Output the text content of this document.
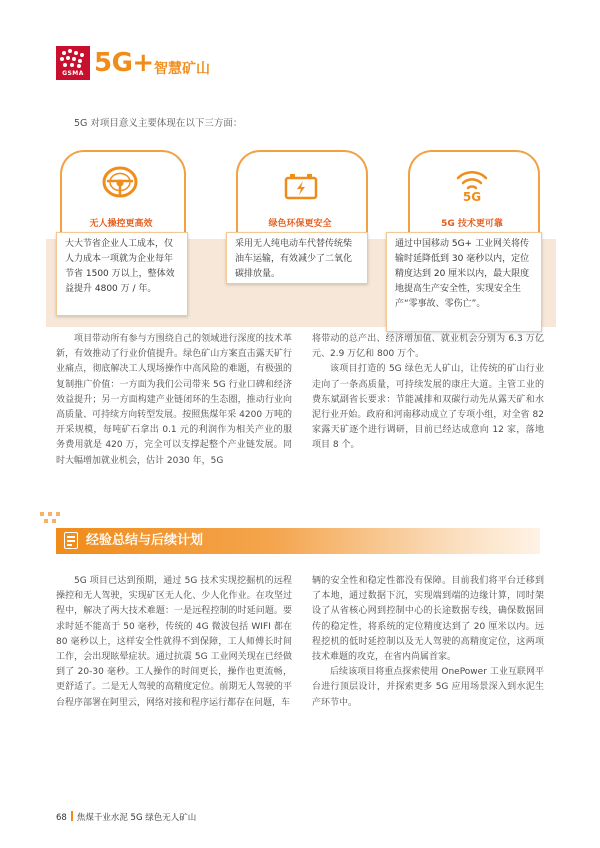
GSMA 5G+ 智慧矿山
5G 对项目意义主要体现在以下三方面：
无人操控更高效
大大节省企业人工成本，仅人力成本一项就为企业每年节省 1500 万以上，整体效益提升 4800 万 / 年。
绿色环保更安全
采用无人纯电动车代替传统柴油车运输，有效减少了二氧化碳排放量。
5G
5G 技术更可靠
通过中国移动 5G+ 工业网关将传输时延降低到 30 毫秒以内，定位精度达到 20 厘米以内，最大限度地提高生产安全性，实现安全生产“零事故、零伤亡”。

项目带动所有参与方围绕自己的领域进行深度的技术革新，有效推动了行业价值提升。绿色矿山方案直击露天矿行业痛点，彻底解决工人现场操作中高风险的难题，有极强的复制推广价值：一方面为我们公司带来 5G 行业口碑和经济效益提升；另一方面构建产业链闭环的生态圈，推动行业向高质量、可持续方向转型发展。按照焦煤年采 4200 万吨的开采规模，每吨矿石拿出 0.1 元的利润作为相关产业的服务费用就是 420 万，完全可以支撑起整个产业链发展。同时大幅增加就业机会，估计 2030 年，5G

将带动的总产出、经济增加值、就业机会分别为 6.3 万亿元、2.9 万亿和 800 万个。

该项目打造的 5G 绿色无人矿山，让传统的矿山行业走向了一条高质量，可持续发展的康庄大道。主管工业的费东斌副省长要求：节能减排和双碳行动先从露天矿和水泥行业开始。政府和河南移动成立了专项小组，对全省 82 家露天矿逐个进行调研，目前已经达成意向 12 家，落地项目 8 个。

经验总结与后续计划

5G 项目已达到预期，通过 5G 技术实现挖掘机的远程操控和无人驾驶，实现矿区无人化、少人化作业。在攻坚过程中，解决了两大技术难题：一是远程控制的时延问题。要求时延不能高于 50 毫秒，传统的 4G 微波包括 WIFI 都在 80 毫秒以上，这样安全性就得不到保障，工人师傅长时间工作，会出现眩晕症状。通过抗震 5G 工业网关现在已经做到了 20-30 毫秒。工人操作的时间更长，操作也更流畅，更舒适了。二是无人驾驶的高精度定位。前期无人驾驶的平台程序部署在阿里云，网络对接和程序运行都存在问题，车

辆的安全性和稳定性都没有保障。目前我们将平台迁移到了本地，通过数据下沉，实现端到端的边缘计算，同时架设了从省核心网到控制中心的长途数据专线，确保数据回传的稳定性，将系统的定位精度达到了 20 厘米以内。远程挖机的低时延控制以及无人驾驶的高精度定位，这两项技术难题的攻克，在省内尚属首家。

后续该项目将重点探索使用 OnePower 工业互联网平台进行顶层设计，并探索更多 5G 应用场景深入到水泥生产环节中。

68 焦煤千业水泥 5G 绿色无人矿山
